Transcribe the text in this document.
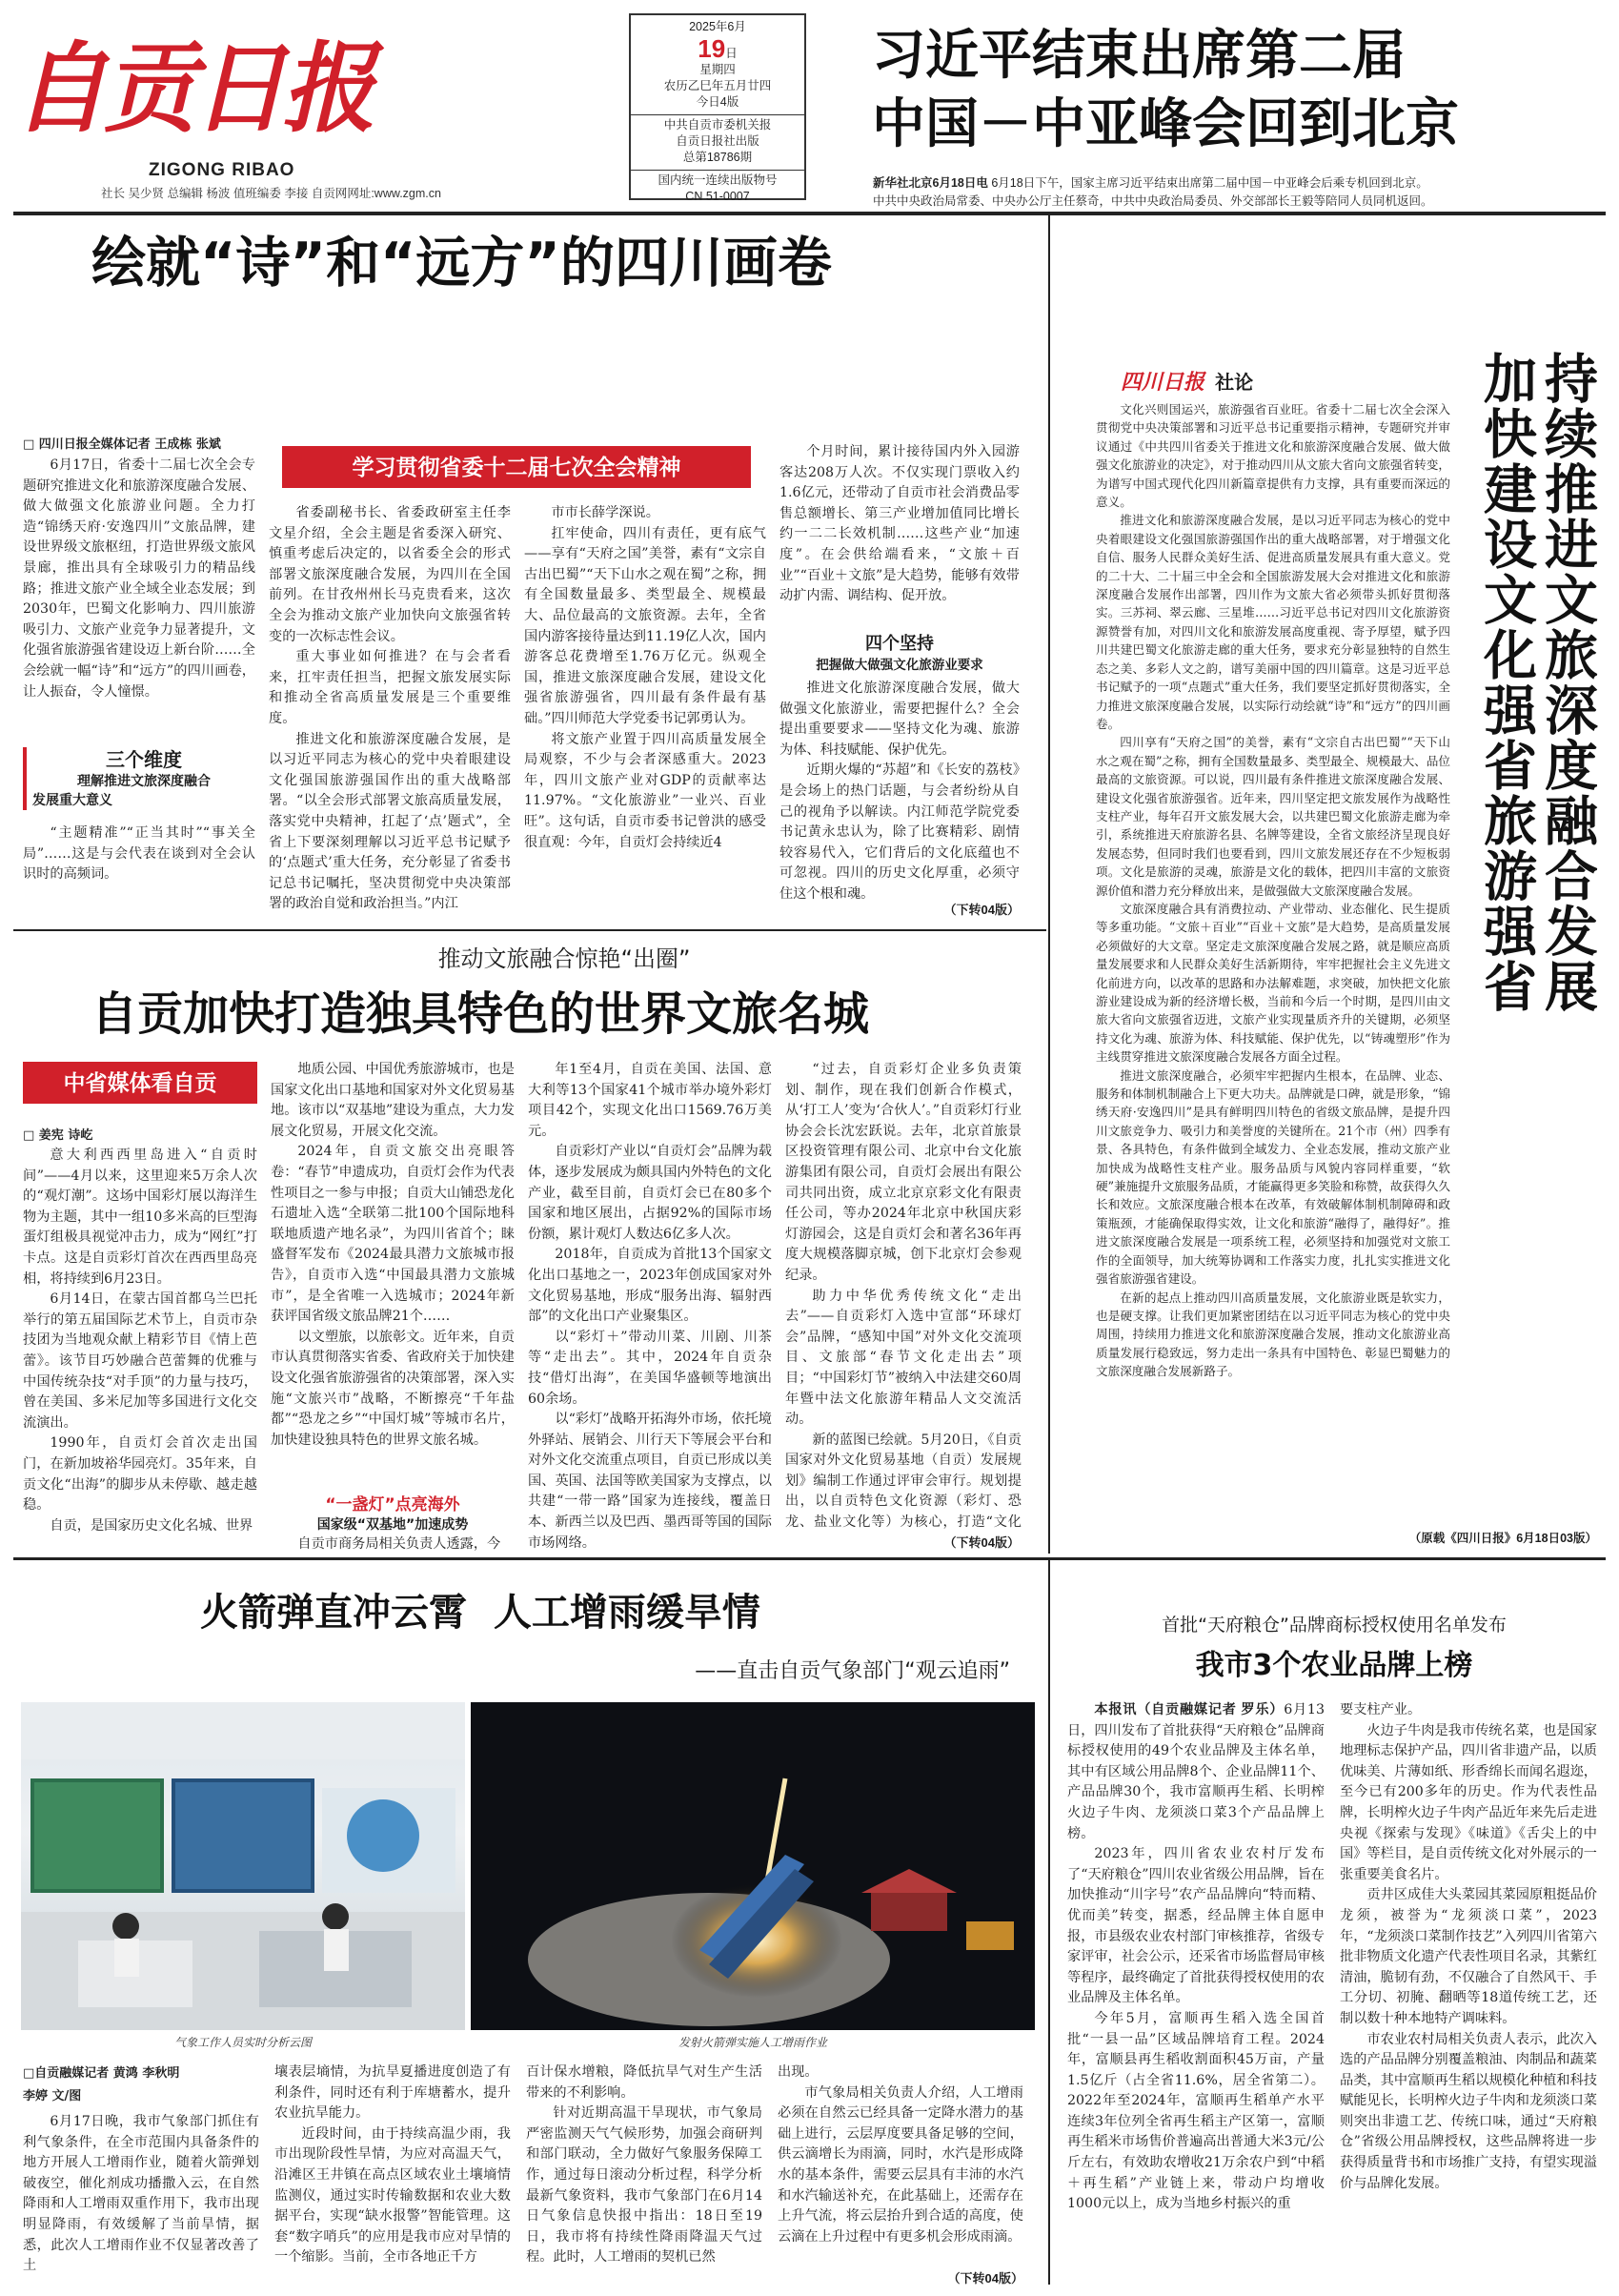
自贡日报
ZIGONG RIBAO
社长 吴少贤 总编辑 杨波 值班编委 李接 自贡网网址:www.zgm.cn
2025年6月
19日
星期四
农历乙巳年五月廿四
今日4版
中共自贡市委机关报
自贡日报社出版
总第18786期
国内统一连续出版物号
CN 51-0007
习近平结束出席第二届
中国－中亚峰会回到北京
新华社北京6月18日电 6月18日下午，国家主席习近平结束出席第二届中国－中亚峰会后乘专机回到北京。
中共中央政治局常委、中央办公厅主任蔡奇，中共中央政治局委员、外交部部长王毅等陪同人员同机返回。
绘就“诗”和“远方”的四川画卷
□ 四川日报全媒体记者 王成栋 张斌
学习贯彻省委十二届七次全会精神

6月17日，省委十二届七次全会专题研究推进文化和旅游深度融合发展、做大做强文化旅游业问题。全力打造“锦绣天府·安逸四川”文旅品牌，建设世界级文旅枢纽，打造世界级文旅风景廊，推出具有全球吸引力的精品线路；推进文旅产业全域全业态发展；到2030年，巴蜀文化影响力、四川旅游吸引力、文旅产业竞争力显著提升，文化强省旅游强省建设迈上新台阶……全会绘就一幅“诗”和“远方”的四川画卷，让人振奋，令人憧憬。

三个维度
理解推进文旅深度融合
发展重大意义

“主题精准”“正当其时”“事关全局”……这是与会代表在谈到对全会认识时的高频词。

省委副秘书长、省委政研室主任李文星介绍，全会主题是省委深入研究、慎重考虑后决定的，以省委全会的形式部署文旅深度融合发展，为四川在全国前列。在甘孜州州长马克贵看来，这次全会为推动文旅产业加快向文旅强省转变的一次标志性会议。

重大事业如何推进？在与会者看来，扛牢责任担当，把握文旅发展实际和推动全省高质量发展是三个重要维度。

推进文化和旅游深度融合发展，是以习近平同志为核心的党中央着眼建设文化强国旅游强国作出的重大战略部署。“以全会形式部署文旅高质量发展，落实党中央精神，扛起了‘点’题式”，全省上下要深刻理解以习近平总书记赋予的‘点题式’重大任务，充分彰显了省委书记总书记嘱托，坚决贯彻党中央决策部署的政治自觉和政治担当。”内江

市市长薛学深说。

扛牢使命，四川有责任，更有底气——享有“天府之国”美誉，素有“文宗自古出巴蜀”“天下山水之观在蜀”之称，拥有全国数量最多、类型最全、规模最大、品位最高的文旅资源。去年，全省国内游客接待量达到11.19亿人次，国内游客总花费增至1.76万亿元。纵观全国，推进文旅深度融合发展，建设文化强省旅游强省，四川最有条件最有基础。”四川师范大学党委书记郭勇认为。

将文旅产业置于四川高质量发展全局观察，不少与会者深感重大。2023年，四川文旅产业对GDP的贡献率达11.97%。“文化旅游业”一业兴、百业旺”。这句话，自贡市委书记曾洪的感受很直观：今年，自贡灯会持续近4

个月时间，累计接待国内外入园游客达208万人次。不仅实现门票收入约1.6亿元，还带动了自贡市社会消费品零售总额增长、第三产业增加值同比增长约一二二长效机制……这些产业“加速度”。在会供给端看来，“文旅＋百业”“百业＋文旅”是大趋势，能够有效带动扩内需、调结构、促开放。

四个坚持
把握做大做强文化旅游业要求

推进文化旅游深度融合发展，做大做强文化旅游业，需要把握什么？全会提出重要要求——坚持文化为魂、旅游为体、科技赋能、保护优先。

近期火爆的“苏超”和《长安的荔枝》是会场上的热门话题，与会者纷纷从自己的视角予以解读。内江师范学院党委书记黄永忠认为，除了比赛精彩、剧情较容易代入，它们背后的文化底蕴也不可忽视。四川的历史文化厚重，必须守住这个根和魂。

（下转04版）
四川日报 社论	持续推进文旅深度融合发展 加快建设文化强省旅游强省

文化兴则国运兴，旅游强省百业旺。省委十二届七次全会深入贯彻党中央决策部署和习近平总书记重要指示精神，专题研究并审议通过《中共四川省委关于推进文化和旅游深度融合发展、做大做强文化旅游业的决定》，对于推动四川从文旅大省向文旅强省转变，为谱写中国式现代化四川新篇章提供有力支撑，具有重要而深远的意义。

推进文化和旅游深度融合发展，是以习近平同志为核心的党中央着眼建设文化强国旅游强国作出的重大战略部署，对于增强文化自信、服务人民群众美好生活、促进高质量发展具有重大意义。党的二十大、二十届三中全会和全国旅游发展大会对推进文化和旅游深度融合发展作出部署，四川作为文旅大省必须带头抓好贯彻落实。三苏祠、翠云廊、三星堆……习近平总书记对四川文化旅游资源赞誉有加，对四川文化和旅游发展高度重视、寄予厚望，赋予四川共建巴蜀文化旅游走廊的重大任务，要求充分彰显独特的自然生态之美、多彩人文之韵，谱写美丽中国的四川篇章。这是习近平总书记赋予的一项“点题式”重大任务，我们要坚定抓好贯彻落实，全力推进文旅深度融合发展，以实际行动绘就“诗”和“远方”的四川画卷。

四川享有“天府之国”的美誉，素有“文宗自古出巴蜀”“天下山水之观在蜀”之称，拥有全国数量最多、类型最全、规模最大、品位最高的文旅资源。可以说，四川最有条件推进文旅深度融合发展、建设文化强省旅游强省。近年来，四川坚定把文旅发展作为战略性支柱产业，每年召开文旅发展大会，以共建巴蜀文化旅游走廊为牵引，系统推进天府旅游名县、名牌等建设，全省文旅经济呈现良好发展态势，但同时我们也要看到，四川文旅发展还存在不少短板弱项。文化是旅游的灵魂，旅游是文化的载体，把四川丰富的文旅资源价值和潜力充分释放出来，是做强做大文旅深度融合发展。

文旅深度融合具有消费拉动、产业带动、业态催化、民生提质等多重功能。“文旅＋百业”“百业＋文旅”是大趋势，是高质量发展必须做好的大文章。坚定走文旅深度融合发展之路，就是顺应高质量发展要求和人民群众美好生活新期待，牢牢把握社会主义先进文化前进方向，以改革的思路和办法解难题，求突破，加快把文化旅游业建设成为新的经济增长极，当前和今后一个时期，是四川由文旅大省向文旅强省迈进，文旅产业实现量质齐升的关键期，必须坚持文化为魂、旅游为体、科技赋能、保护优先，以“铸魂塑形”作为主线贯穿推进文旅深度融合发展各方面全过程。

推进文旅深度融合，必须牢牢把握内生根本，在品牌、业态、服务和体制机制融合上下更大功夫。品牌就是口碑，就是形象，“锦绣天府·安逸四川”是具有鲜明四川特色的省级文旅品牌，是提升四川文旅竞争力、吸引力和美誉度的关键所在。21个市（州）四季有景、各具特色，有条件做到全域发力、全业态发展，推动文旅产业加快成为战略性支柱产业。服务品质与风貌内容同样重要，“软硬”兼施提升文旅服务品质，才能赢得更多笑脸和称赞，故获得久久长和效应。文旅深度融合根本在改革，有效破解体制机制障碍和政策瓶颈，才能确保取得实效，让文化和旅游“融得了，融得好”。推进文旅深度融合发展是一项系统工程，必须坚持和加强党对文旅工作的全面领导，加大统筹协调和工作落实力度，扎扎实实推进文化强省旅游强省建设。

在新的起点上推动四川高质量发展，文化旅游业既是软实力，也是硬支撑。让我们更加紧密团结在以习近平同志为核心的党中央周围，持续用力推进文化和旅游深度融合发展，推动文化旅游业高质量发展行稳致远，努力走出一条具有中国特色、彰显巴蜀魅力的文旅深度融合发展新路子。

（原载《四川日报》6月18日03版）
推动文旅融合惊艳“出圈”
自贡加快打造独具特色的世界文旅名城
中省媒体看自贡
□ 姜宪 诗屹

意大利西西里岛进入“自贡时间”——4月以来，这里迎来5万余人次的“观灯潮”。这场中国彩灯展以海洋生物为主题，其中一组10多米高的巨型海蛋灯组极具视觉冲击力，成为“网红”打卡点。这是自贡彩灯首次在西西里岛亮相，将持续到6月23日。

6月14日，在蒙古国首都乌兰巴托举行的第五届国际艺术节上，自贡市杂技团为当地观众献上精彩节目《情上芭蕾》。该节目巧妙融合芭蕾舞的优雅与中国传统杂技“对手顶”的力量与技巧，曾在美国、多米尼加等多国进行文化交流演出。

1990年，自贡灯会首次走出国门，在新加坡裕华园亮灯。35年来，自贡文化“出海”的脚步从未停歇、越走越稳。

自贡，是国家历史文化名城、世界

地质公园、中国优秀旅游城市，也是国家文化出口基地和国家对外文化贸易基地。该市以“双基地”建设为重点，大力发展文化贸易，开展文化交流。

2024年，自贡文旅交出亮眼答卷：“春节”申遗成功，自贡灯会作为代表性项目之一参与申报；自贡大山铺恐龙化石遗址入选“全联第二批100个国际地科联地质遗产地名录”，为四川省首个；睐盛督军发布《2024最具潜力文旅城市报告》，自贡市入选“中国最具潜力文旅城市”，是全省唯一入选城市；2024年新获评国省级文旅品牌21个……

以文塑旅，以旅彰文。近年来，自贡市认真贯彻落实省委、省政府关于加快建设文化强省旅游强省的决策部署，深入实施“文旅兴市”战略，不断擦亮“千年盐都”“恐龙之乡”“中国灯城”等城市名片，加快建设独具特色的世界文旅名城。

“一盏灯”点亮海外
国家级“双基地”加速成势

自贡市商务局相关负责人透露，今

年1至4月，自贡在美国、法国、意大利等13个国家41个城市举办境外彩灯项目42个，实现文化出口1569.76万美元。

自贡彩灯产业以“自贡灯会”品牌为载体，逐步发展成为颇具国内外特色的文化产业，截至目前，自贡灯会已在80多个国家和地区展出，占据92%的国际市场份额，累计观灯人数达6亿多人次。

2018年，自贡成为首批13个国家文化出口基地之一，2023年创成国家对外文化贸易基地，形成“服务出海、辐射西部”的文化出口产业聚集区。

以“彩灯＋”带动川菜、川剧、川茶等“走出去”。其中，2024年自贡杂技“借灯出海”，在美国华盛顿等地演出60余场。

以“彩灯”战略开拓海外市场，依托境外驿站、展销会、川行天下等展会平台和对外文化交流重点项目，自贡已形成以美国、英国、法国等欧美国家为支撑点，以共建“一带一路”国家为连接线，覆盖日本、新西兰以及巴西、墨西哥等国的国际市场网络。

“过去，自贡彩灯企业多负责策划、制作，现在我们创新合作模式，从‘打工人’变为‘合伙人’。”自贡彩灯行业协会会长沈宏跃说。去年，北京首旅景区投资管理有限公司、北京中台文化旅游集团有限公司，自贡灯会展出有限公司共同出资，成立北京京彩文化有限责任公司，等办2024年北京中秋国庆彩灯游园会，这是自贡灯会和著名36年再度大规模落脚京城，创下北京灯会参观纪录。

助力中华优秀传统文化“走出去”——自贡彩灯入选中宣部“环球灯会”品牌，“感知中国”对外文化交流项目、文旅部“春节文化走出去”项目；“中国彩灯节”被纳入中法建交60周年暨中法文化旅游年精品人文交流活动。

新的蓝图已绘就。5月20日，《自贡国家对外文化贸易基地（自贡）发展规划》编制工作通过评审会审行。规划提出，以自贡特色文化资源（彩灯、恐龙、盐业文化等）为核心，打造“文化

（下转04版）
火箭弹直冲云霄  人工增雨缓旱情
——直击自贡气象部门“观云追雨”
气象工作人员实时分析云图	发射火箭弹实施人工增雨作业
□自贡融媒记者 黄鸿 李秋明
李婷 文/图

6月17日晚，我市气象部门抓住有利气象条件，在全市范围内具备条件的地方开展人工增雨作业，随着火箭弹划破夜空，催化剂成功播撒入云，在自然降雨和人工增雨双重作用下，我市出现明显降雨，有效缓解了当前旱情，据悉，此次人工增雨作业不仅显著改善了土

壤表层墒情，为抗旱夏播进度创造了有利条件，同时还有利于库塘蓄水，提升农业抗旱能力。

近段时间，由于持续高温少雨，我市出现阶段性旱情，为应对高温天气，沿滩区王井镇在高点区域农业土壤墒情监测仪，通过实时传输数据和农业大数据平台，实现“缺水报警”智能管理。这套“数字哨兵”的应用是我市应对旱情的一个缩影。当前，全市各地正千方

百计保水增粮，降低抗旱气对生产生活带来的不利影响。

针对近期高温干旱现状，市气象局严密监测天气气候形势，加强会商研判和部门联动，全力做好气象服务保障工作，通过每日滚动分析过程，科学分析最新气象资料，我市气象部门在6月14日气象信息快报中指出：18日至19日，我市将有持续性降雨降温天气过程。此时，人工增雨的契机已然

出现。

市气象局相关负责人介绍，人工增雨必须在自然云已经具备一定降水潜力的基础上进行，云层厚度要具备足够的空间，供云滴增长为雨滴，同时，水汽是形成降水的基本条件，需要云层具有丰沛的水汽和水汽输送补充，在此基础上，还需存在上升气流，将云层抬升到合适的高度，使云滴在上升过程中有更多机会形成雨滴。

（下转04版）
首批“天府粮仓”品牌商标授权使用名单发布
我市3个农业品牌上榜

本报讯（自贡融媒记者 罗乐）6月13日，四川发布了首批获得“天府粮仓”品牌商标授权使用的49个农业品牌及主体名单，其中有区域公用品牌8个、企业品牌11个、产品品牌30个，我市富顺再生稻、长明榨火边子牛肉、龙须淡口菜3个产品品牌上榜。

2023年，四川省农业农村厅发布了“天府粮仓”四川农业省级公用品牌，旨在加快推动“川字号”农产品品牌向“特而精、优而美”转变，据悉，经品牌主体自愿申报，市县级农业农村部门审核推荐，省级专家评审，社会公示，还采省市场监督局审核等程序，最终确定了首批获得授权使用的农业品牌及主体名单。

今年5月，富顺再生稻入选全国首批“一县一品”区域品牌培育工程。2024年，富顺县再生稻收割面积45万亩，产量1.5亿斤（占全省11.6%，居全省第二）。2022年至2024年，富顺再生稻单产水平连续3年位列全省再生稻主产区第一，富顺再生稻米市场售价普遍高出普通大米3元/公斤左右，有效助农增收21万余农户到“中稻＋再生稻”产业链上来，带动户均增收1000元以上，成为当地乡村振兴的重

要支柱产业。

火边子牛肉是我市传统名菜，也是国家地理标志保护产品，四川省非遗产品，以质优味美、片薄如纸、形香绵长而闻名遐迩，至今已有200多年的历史。作为代表性品牌，长明榨火边子牛肉产品近年来先后走进央视《探索与发现》《味道》《舌尖上的中国》等栏目，是自贡传统文化对外展示的一张重要美食名片。

贡井区成佳大头菜园其菜园原粗挺品价龙须，被誉为“龙须淡口菜”，2023年，“龙须淡口菜制作技艺”入列四川省第六批非物质文化遗产代表性项目名录，其紫红清油，脆韧有劲，不仅融合了自然风干、手工分切、初腌、翻晒等18道传统工艺，还制以数十种本地特产调味料。

市农业农村局相关负责人表示，此次入选的产品品牌分别覆盖粮油、肉制品和蔬菜品类，其中富顺再生稻以规模化种植和科技赋能见长，长明榨火边子牛肉和龙须淡口菜则突出非遗工艺、传统口味，通过“天府粮仓”省级公用品牌授权，这些品牌将进一步获得质量背书和市场推广支持，有望实现溢价与品牌化发展。
